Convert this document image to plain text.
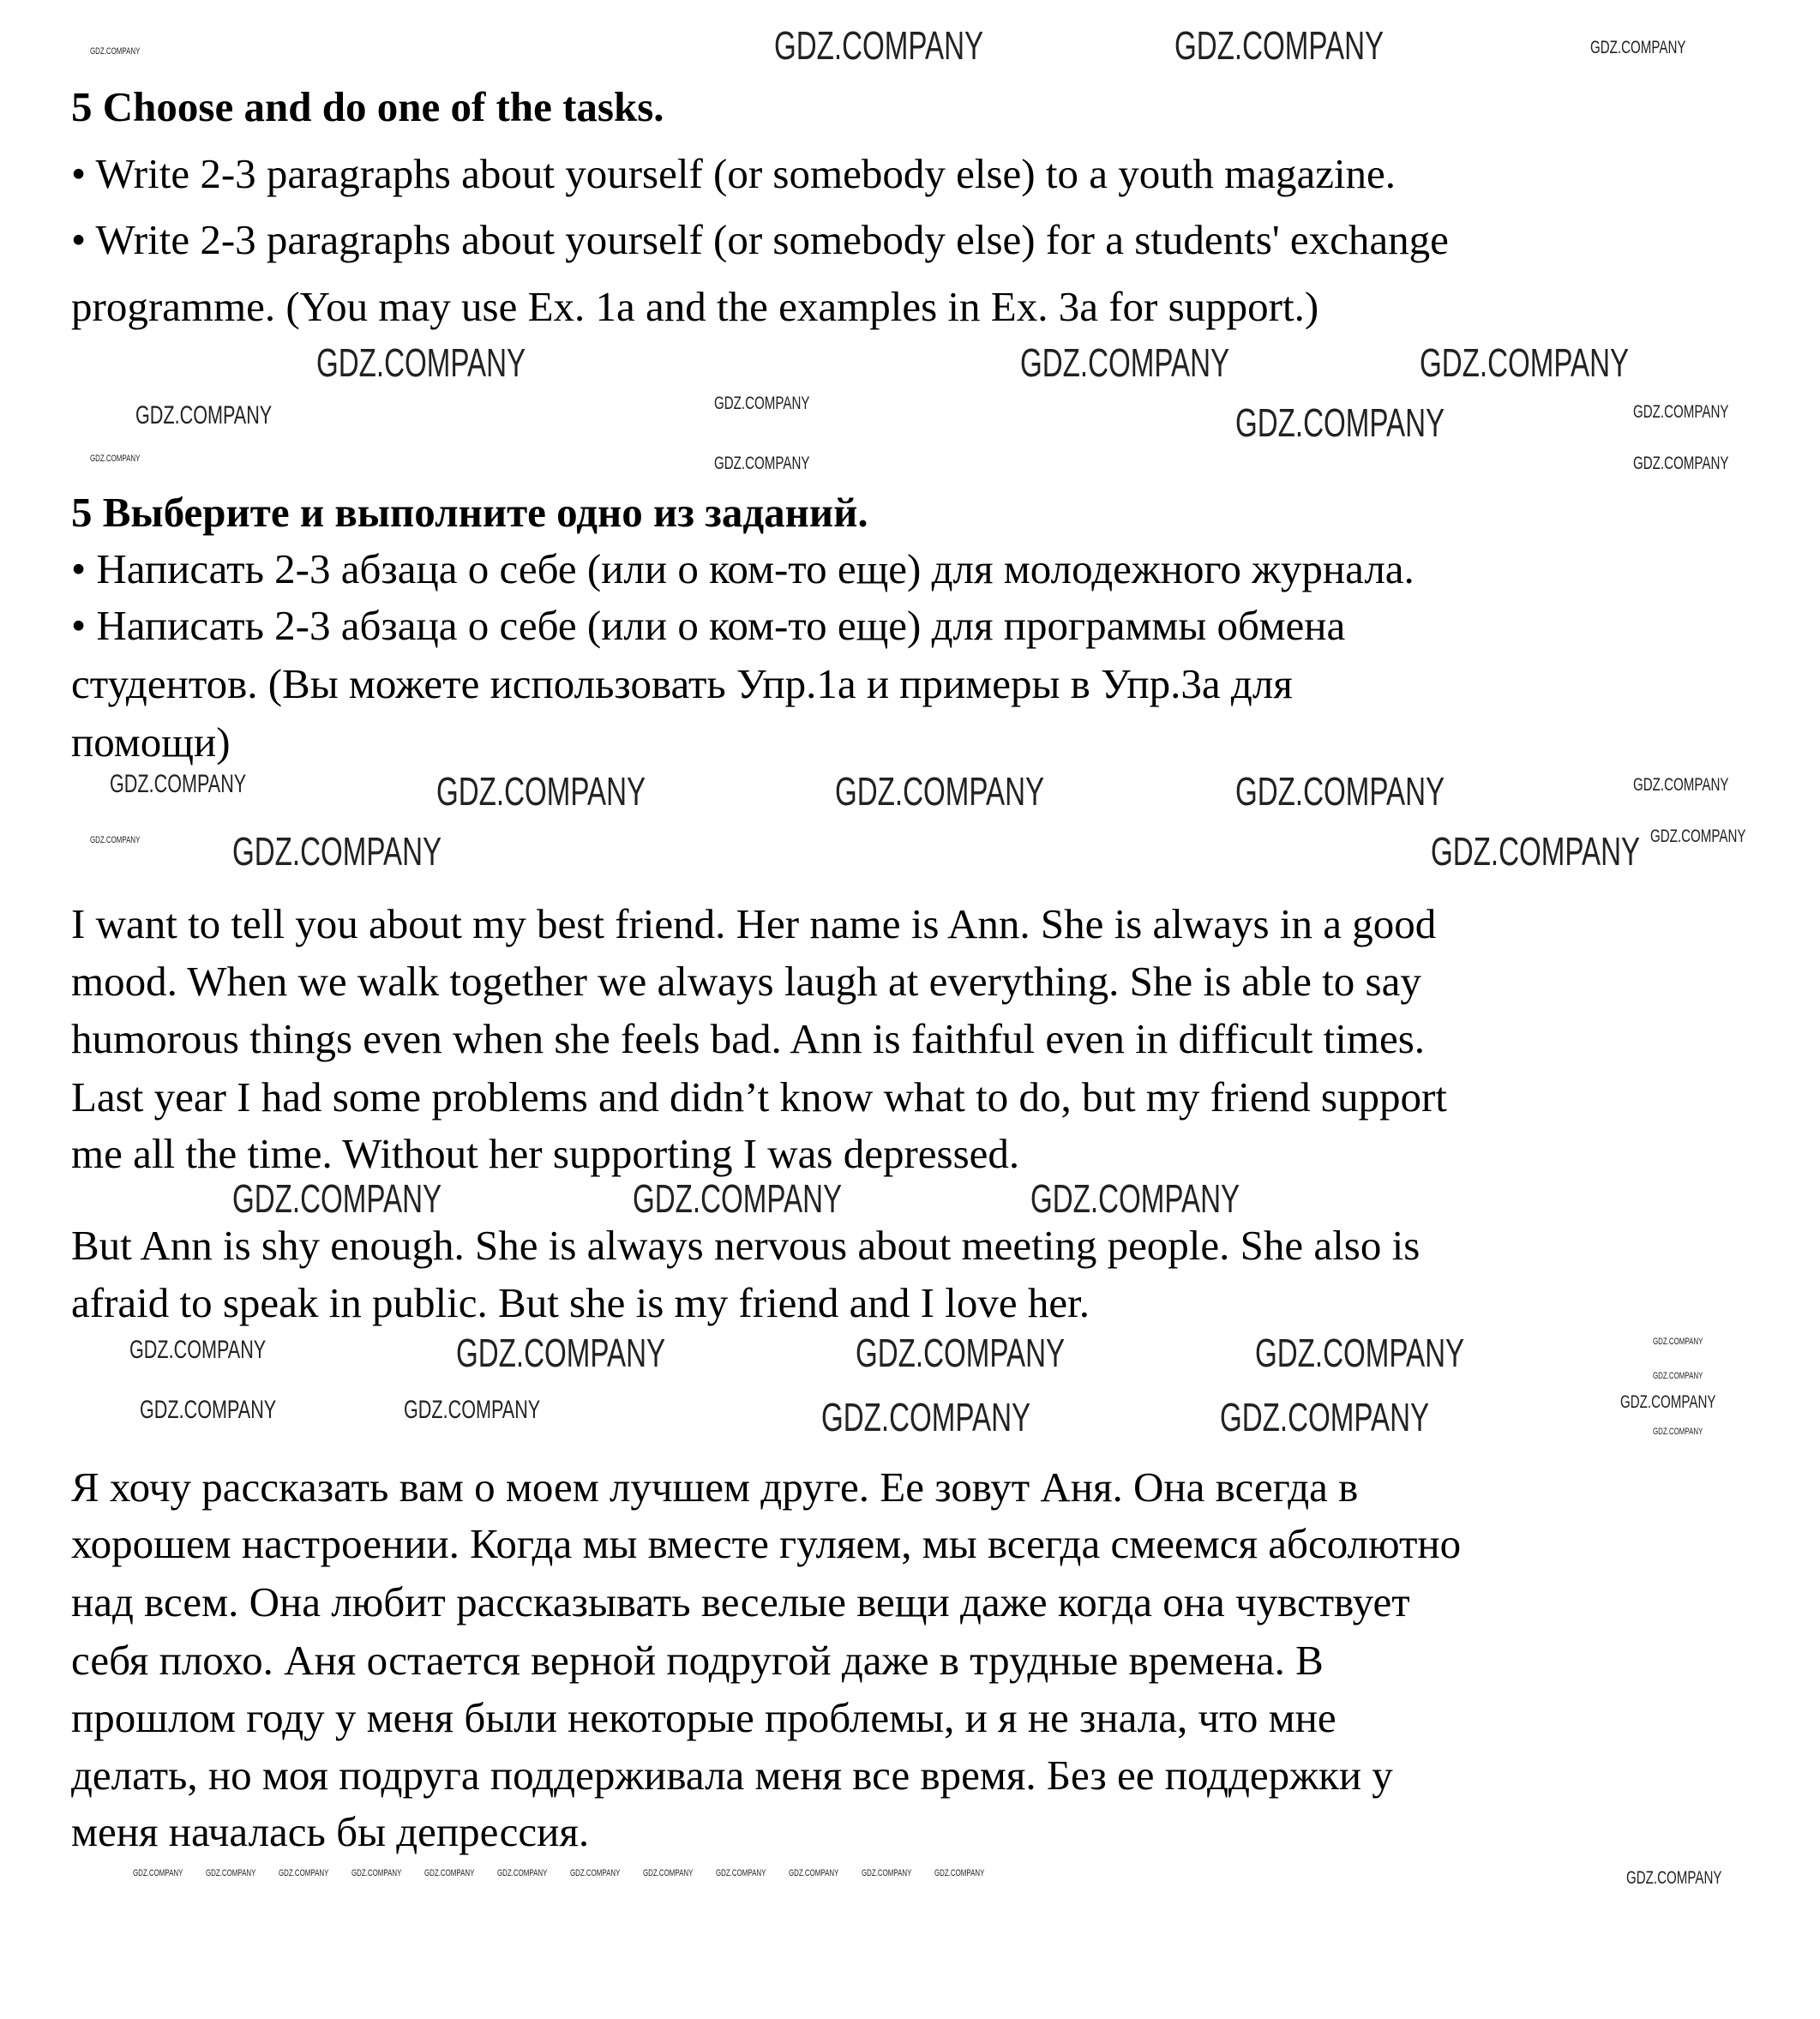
5 Choose and do one of the tasks.
• Write 2-3 paragraphs about yourself (or somebody else) to a youth magazine.
• Write 2-3 paragraphs about yourself (or somebody else) for a students' exchange
programme. (You may use Ex. 1a and the examples in Ex. 3a for support.)
5 Выберите и выполните одно из заданий.
• Написать 2-3 абзаца о себе (или о ком-то еще) для молодежного журнала.
• Написать 2-3 абзаца о себе (или о ком-то еще) для программы обмена
студентов. (Вы можете использовать Упр.1а и примеры в Упр.3а для
помощи)
I want to tell you about my best friend. Her name is Ann. She is always in a good
mood. When we walk together we always laugh at everything. She is able to say
humorous things even when she feels bad. Ann is faithful even in difficult times.
Last year I had some problems and didn’t know what to do, but my friend support
me all the time. Without her supporting I was depressed.
But Ann is shy enough. She is always nervous about meeting people. She also is
afraid to speak in public. But she is my friend and I love her.
Я хочу рассказать вам о моем лучшем друге. Ее зовут Аня. Она всегда в
хорошем настроении. Когда мы вместе гуляем, мы всегда смеемся абсолютно
над всем. Она любит рассказывать веселые вещи даже когда она чувствует
себя плохо. Аня остается верной подругой даже в трудные времена. В
прошлом году у меня были некоторые проблемы, и я не знала, что мне
делать, но моя подруга поддерживала меня все время. Без ее поддержки у
меня началась бы депрессия.
GDZ.COMPANY	GDZ.COMPANY	GDZ.COMPANY
GDZ.COMPANY
GDZ.COMPANY	GDZ.COMPANY	GDZ.COMPANY
GDZ.COMPANY
GDZ.COMPANY	GDZ.COMPANY	GDZ.COMPANY
GDZ.COMPANY	GDZ.COMPANY	GDZ.COMPANY
GDZ.COMPANY	GDZ.COMPANY	GDZ.COMPANY	GDZ.COMPANY	GDZ.COMPANY
GDZ.COMPANY
GDZ.COMPANY	GDZ.COMPANY
GDZ.COMPANY
GDZ.COMPANY	GDZ.COMPANY	GDZ.COMPANY
GDZ.COMPANY	GDZ.COMPANY	GDZ.COMPANY	GDZ.COMPANY
GDZ.COMPANY
GDZ.COMPANY
GDZ.COMPANY
GDZ.COMPANY	GDZ.COMPANY	GDZ.COMPANY	GDZ.COMPANY	GDZ.COMPANY
GDZ.COMPANY
GDZ.COMPANY GDZ.COMPANY GDZ.COMPANY GDZ.COMPANY GDZ.COMPANY GDZ.COMPANY GDZ.COMPANY GDZ.COMPANY GDZ.COMPANY GDZ.COMPANY GDZ.COMPANY GDZ.COMPANY
